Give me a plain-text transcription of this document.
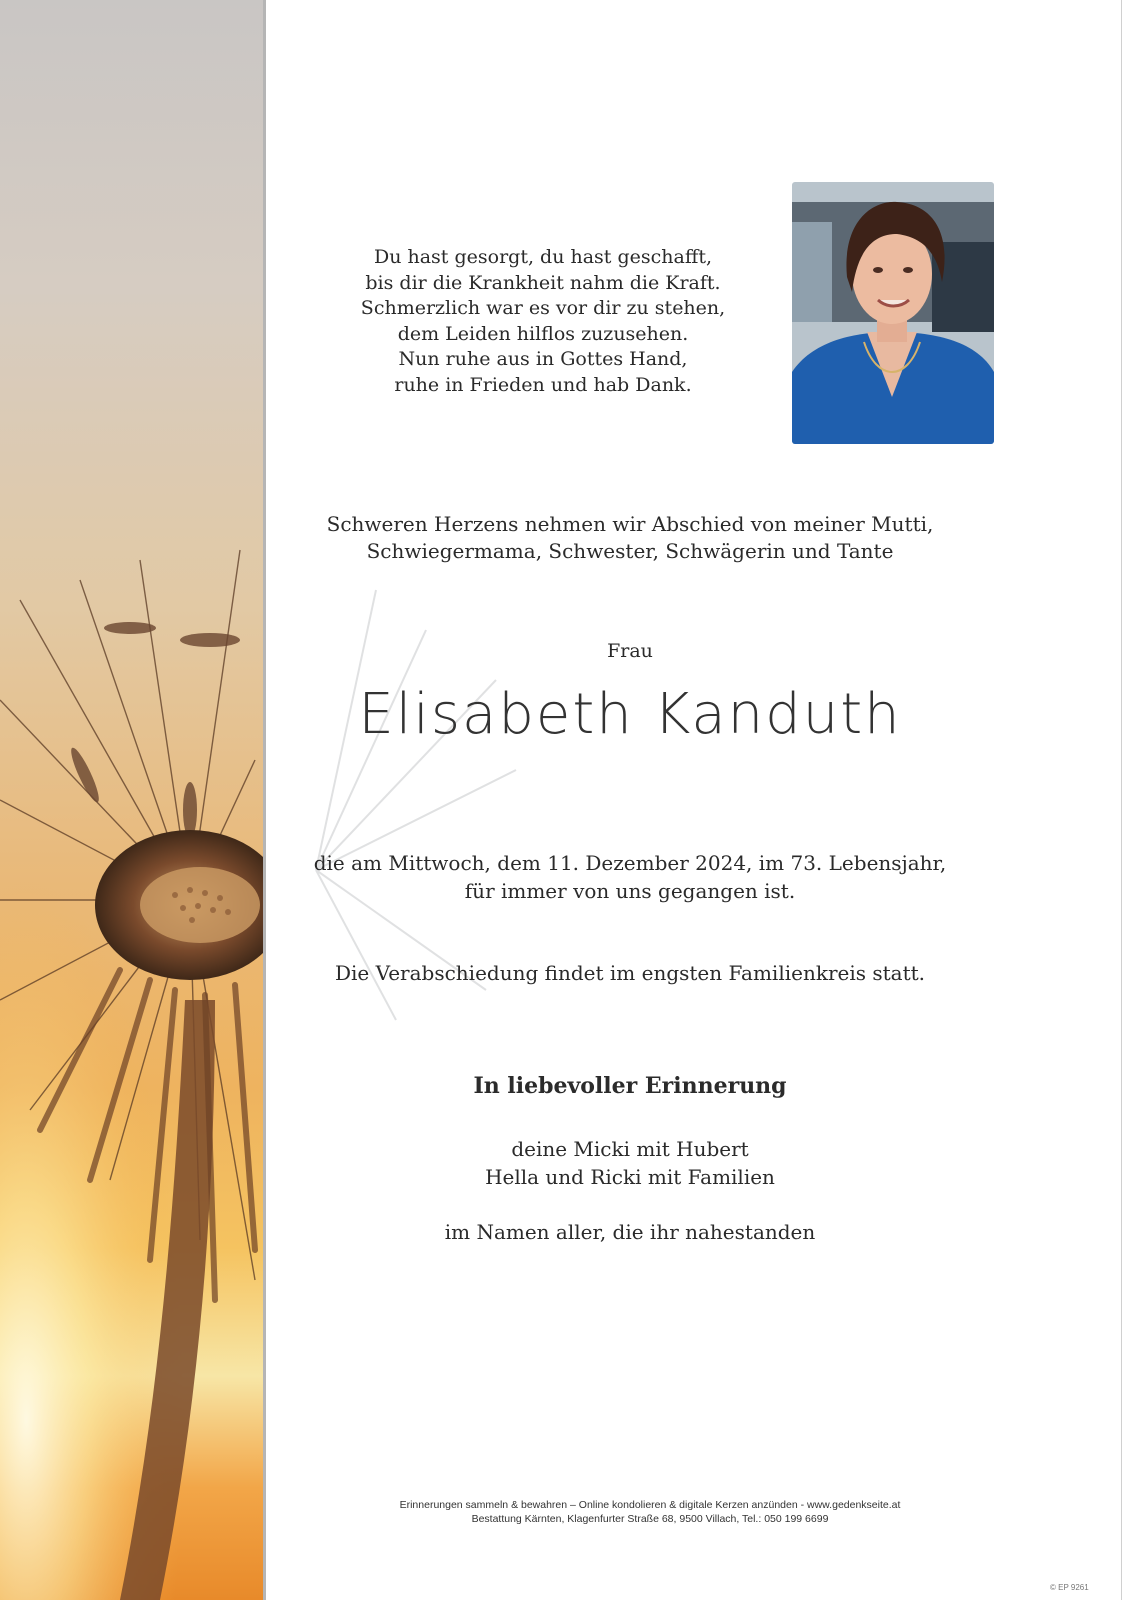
Du hast gesorgt, du hast geschafft,
bis dir die Krankheit nahm die Kraft.
Schmerzlich war es vor dir zu stehen,
dem Leiden hilflos zuzusehen.
Nun ruhe aus in Gottes Hand,
ruhe in Frieden und hab Dank.
Schweren Herzens nehmen wir Abschied von meiner Mutti,
Schwiegermama, Schwester, Schwägerin und Tante
Frau
Elisabeth Kanduth
die am Mittwoch, dem 11. Dezember 2024, im 73. Lebensjahr,
für immer von uns gegangen ist.
Die Verabschiedung findet im engsten Familienkreis statt.
In liebevoller Erinnerung
deine Micki mit Hubert
Hella und Ricki mit Familien
im Namen aller, die ihr nahestanden
Erinnerungen sammeln & bewahren – Online kondolieren & digitale Kerzen anzünden - www.gedenkseite.at
Bestattung Kärnten, Klagenfurter Straße 68, 9500 Villach, Tel.: 050 199 6699
© EP 9261
